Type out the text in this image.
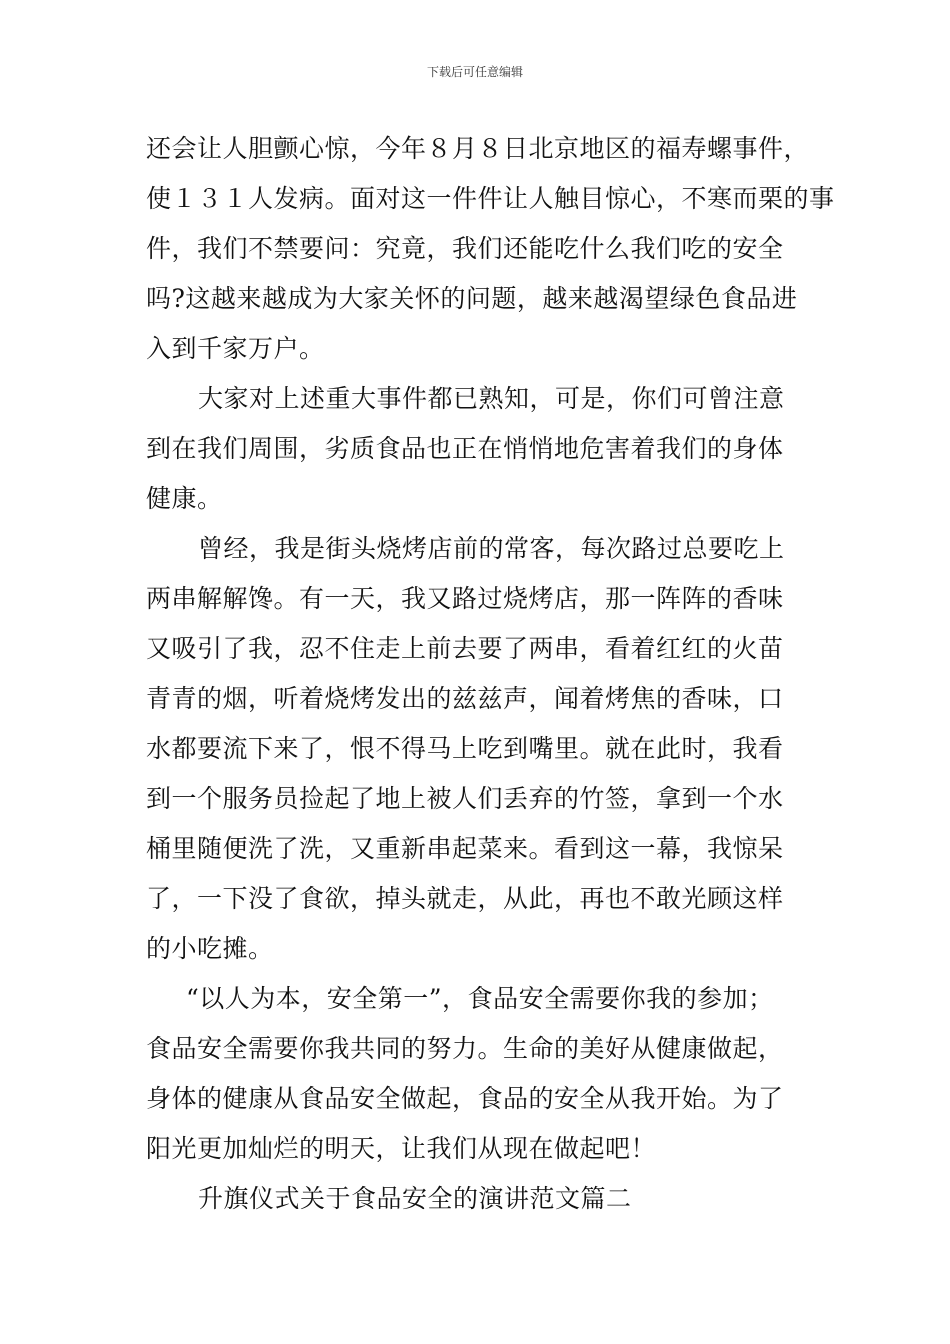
下载后可任意编辑
还会让人胆颤心惊，今年８月８日北京地区的福寿螺事件，
使１３１人发病。面对这一件件让人触目惊心，不寒而栗的事
件，我们不禁要问：究竟，我们还能吃什么我们吃的安全
吗?这越来越成为大家关怀的问题，越来越渴望绿色食品进
入到千家万户。
大家对上述重大事件都已熟知，可是，你们可曾注意
到在我们周围，劣质食品也正在悄悄地危害着我们的身体
健康。
曾经，我是街头烧烤店前的常客，每次路过总要吃上
两串解解馋。有一天，我又路过烧烤店，那一阵阵的香味
又吸引了我，忍不住走上前去要了两串，看着红红的火苗
青青的烟，听着烧烤发出的兹兹声，闻着烤焦的香味，口
水都要流下来了，恨不得马上吃到嘴里。就在此时，我看
到一个服务员捡起了地上被人们丢弃的竹签，拿到一个水
桶里随便洗了洗，又重新串起菜来。看到这一幕，我惊呆
了，一下没了食欲，掉头就走，从此，再也不敢光顾这样
的小吃摊。
“以人为本，安全第一”，食品安全需要你我的参加；
食品安全需要你我共同的努力。生命的美好从健康做起，
身体的健康从食品安全做起，食品的安全从我开始。为了
阳光更加灿烂的明天，让我们从现在做起吧！
升旗仪式关于食品安全的演讲范文篇二
